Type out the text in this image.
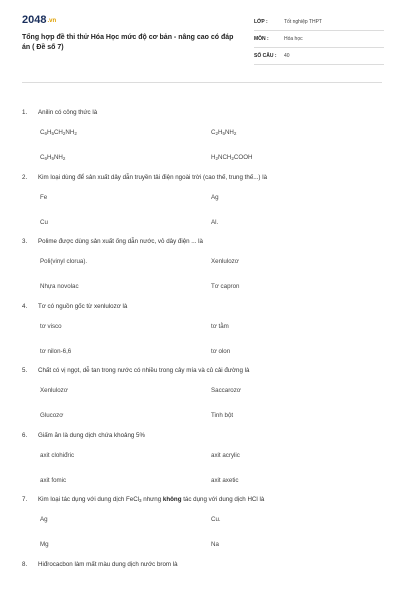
2048.vn
Tổng hợp đề thi thử Hóa Học mức độ cơ bản - nâng cao có đáp án ( Đề số 7)
LỚP :	Tốt nghiệp THPT
MÔN :	Hóa học
SỐ CÂU :	40
1. Anilin có công thức là
$C_6H_5CH_2NH_2$	$C_2H_5NH_2$
$C_6H_5NH_2$	$H_2NCH_2COOH$
2. Kim loại dùng để sản xuất dây dẫn truyền tải điện ngoài trời (cao thế, trung thế...) là
Fe	Ag
Cu	Al.
3. Polime được dùng sản xuất ống dẫn nước, vỏ dây điện ... là
Poli(vinyl clorua).	Xenlulozơ
Nhựa novolac	Tơ capron
4. Tơ có nguồn gốc từ xenlulozơ là
tơ visco	tơ tằm
tơ nilon-6,6	tơ olon
5. Chất có vị ngọt, dễ tan trong nước có nhiều trong cây mía và củ cải đường là
Xenlulozơ	Saccarozơ
Glucozơ	Tinh bột
6. Giấm ăn là dung dịch chứa khoảng 5%
axit clohiđric	axit acrylic
axit fomic	axit axetic
7. Kim loại tác dụng với dung dịch FeCl$_3$ nhưng không tác dụng với dung dịch HCl là
Ag	Cu.
Mg	Na
8. Hiđrocacbon làm mất màu dung dịch nước brom là
